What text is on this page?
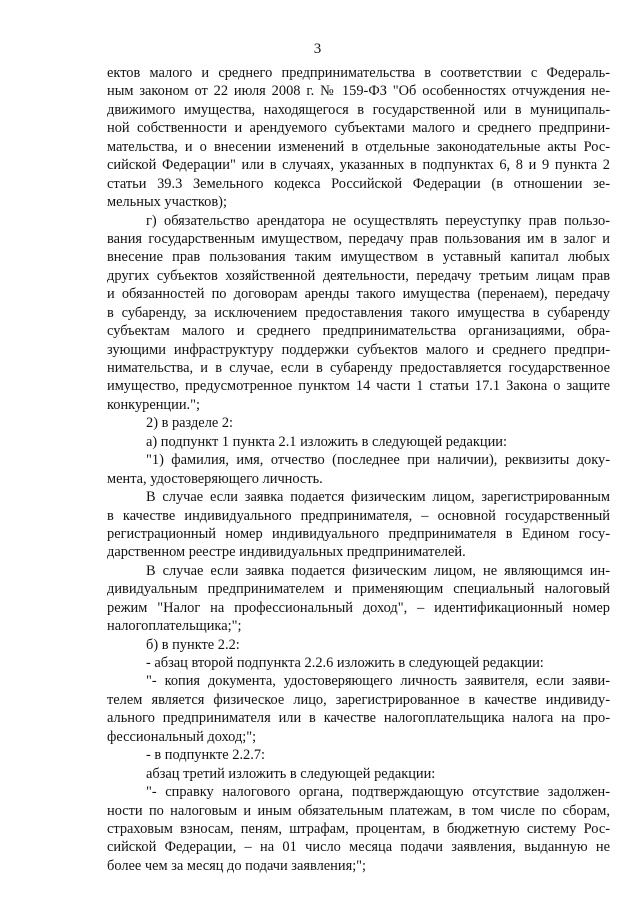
3
ектов малого и среднего предпринимательства в соответствии с Федераль-
ным законом от 22 июля 2008 г. № 159-ФЗ "Об особенностях отчуждения не-
движимого имущества, находящегося в государственной или в муниципаль-
ной собственности и арендуемого субъектами малого и среднего предприни-
мательства, и о внесении изменений в отдельные законодательные акты Рос-
сийской Федерации" или в случаях, указанных в подпунктах 6, 8 и 9 пункта 2
статьи 39.3 Земельного кодекса Российской Федерации (в отношении зе-
мельных участков);
г) обязательство арендатора не осуществлять переуступку прав пользо-
вания государственным имуществом, передачу прав пользования им в залог и
внесение прав пользования таким имуществом в уставный капитал любых
других субъектов хозяйственной деятельности, передачу третьим лицам прав
и обязанностей по договорам аренды такого имущества (перенаем), передачу
в субаренду, за исключением предоставления такого имущества в субаренду
субъектам малого и среднего предпринимательства организациями, обра-
зующими инфраструктуру поддержки субъектов малого и среднего предпри-
нимательства, и в случае, если в субаренду предоставляется государственное
имущество, предусмотренное пунктом 14 части 1 статьи 17.1 Закона о защите
конкуренции.";
2) в разделе 2:
а) подпункт 1 пункта 2.1 изложить в следующей редакции:
"1) фамилия, имя, отчество (последнее при наличии), реквизиты доку-
мента, удостоверяющего личность.
В случае если заявка подается физическим лицом, зарегистрированным
в качестве индивидуального предпринимателя, – основной государственный
регистрационный номер индивидуального предпринимателя в Едином госу-
дарственном реестре индивидуальных предпринимателей.
В случае если заявка подается физическим лицом, не являющимся ин-
дивидуальным предпринимателем и применяющим специальный налоговый
режим "Налог на профессиональный доход", – идентификационный номер
налогоплательщика;";
б) в пункте 2.2:
- абзац второй подпункта 2.2.6 изложить в следующей редакции:
"- копия документа, удостоверяющего личность заявителя, если заяви-
телем является физическое лицо, зарегистрированное в качестве индивиду-
ального предпринимателя или в качестве налогоплательщика налога на про-
фессиональный доход;";
- в подпункте 2.2.7:
абзац третий изложить в следующей редакции:
"- справку налогового органа, подтверждающую отсутствие задолжен-
ности по налоговым и иным обязательным платежам, в том числе по сборам,
страховым взносам, пеням, штрафам, процентам, в бюджетную систему Рос-
сийской Федерации, – на 01 число месяца подачи заявления, выданную не
более чем за месяц до подачи заявления;";
